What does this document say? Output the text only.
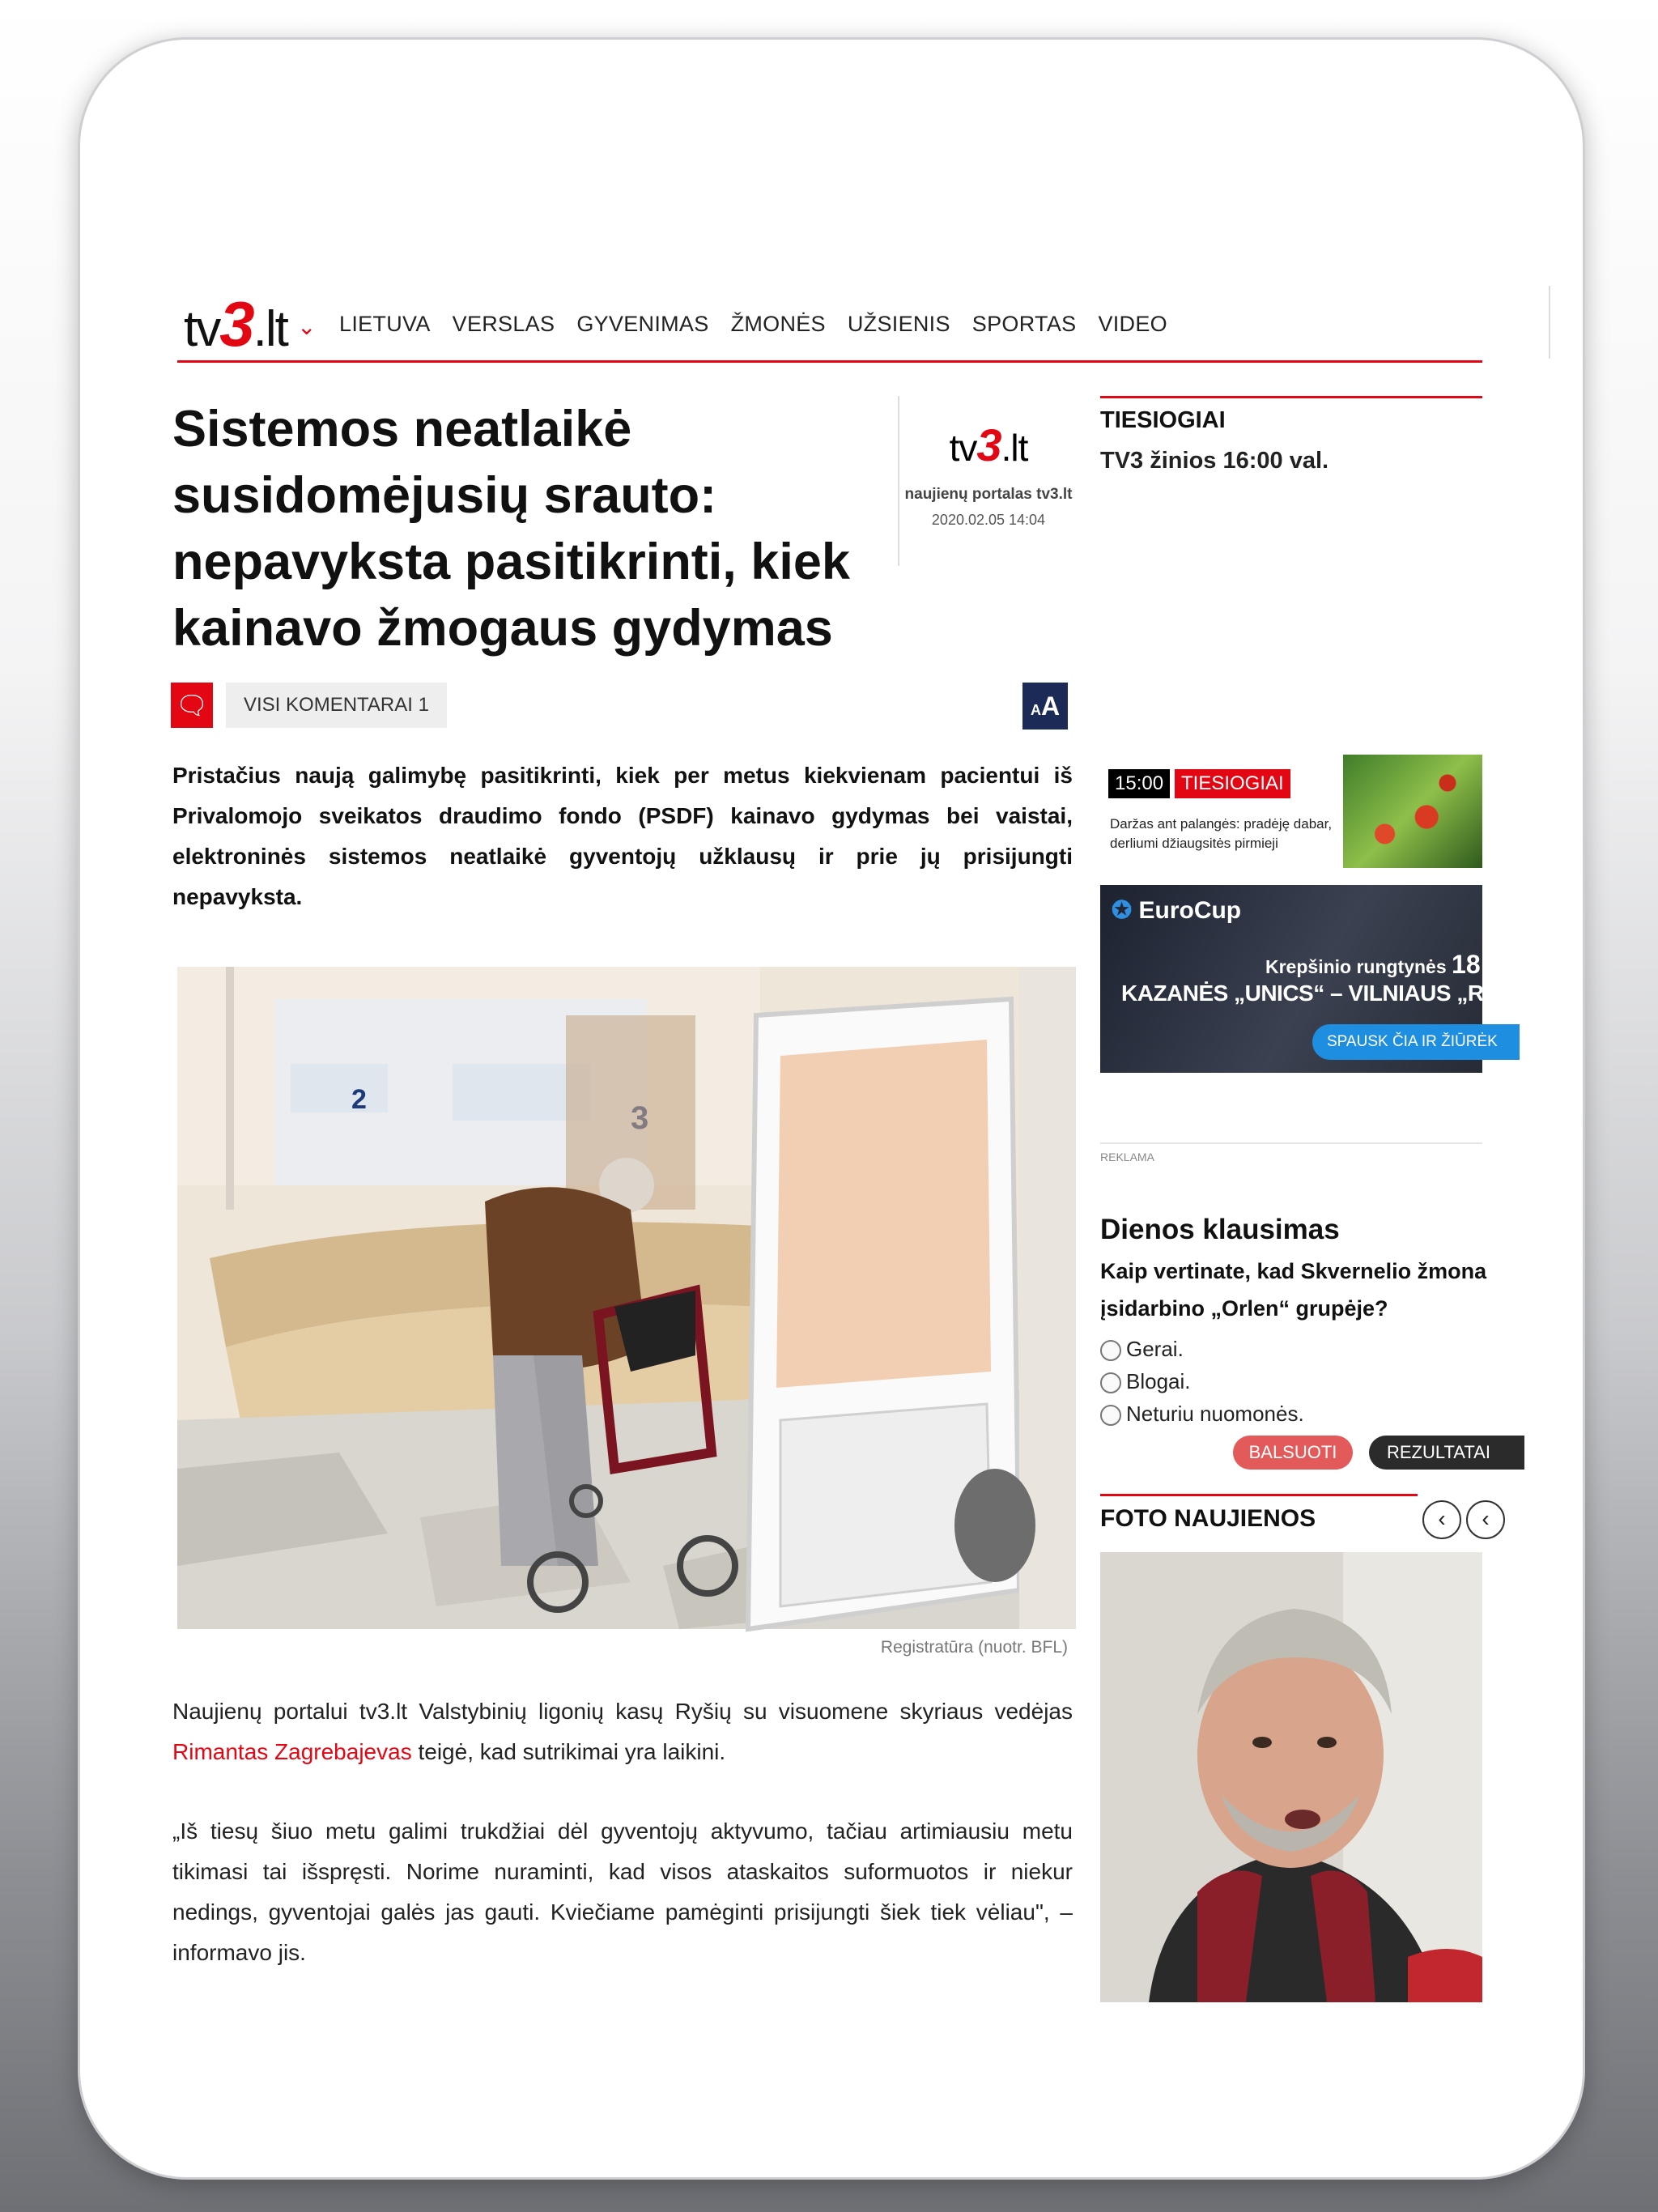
tv3.lt ⌄ LIETUVA VERSLAS GYVENIMAS ŽMONĖS UŽSIENIS SPORTAS VIDEO
Sistemos neatlaikė susidomėjusių srauto: nepavyksta pasitikrinti, kiek kainavo žmogaus gydymas
tv3.lt
naujienų portalas tv3.lt
2020.02.05 14:04
🗨	VISI KOMENTARAI 1	AA

Pristačius naują galimybę pasitikrinti, kiek per metus kiekvienam pacientui iš Privalomojo sveikatos draudimo fondo (PSDF) kainavo gydymas bei vaistai, elektroninės sistemos neatlaikė gyventojų užklausų ir prie jų prisijungti nepavyksta.

2
Registratūra (nuotr. BFL)

Naujienų portalui tv3.lt Valstybinių ligonių kasų Ryšių su visuomene skyriaus vedėjas Rimantas Zagrebajevas teigė, kad sutrikimai yra laikini.

„Iš tiesų šiuo metu galimi trukdžiai dėl gyventojų aktyvumo, tačiau artimiausiu metu tikimasi tai išspręsti. Norime nuraminti, kad visos ataskaitos suformuotos ir niekur nedings, gyventojai galės jas gauti. Kviečiame pamėginti prisijungti šiek tiek vėliau", – informavo jis.

TIESIOGIAI
TV3 žinios 16:00 val.
15:00 TIESIOGIAI
Daržas ant palangės: pradėję dabar, derliumi džiaugsitės pirmieji
✪ EuroCup
Krepšinio rungtynės 18:3
KAZANĖS „UNICS“ – VILNIAUS „RYTAS
SPAUSK ČIA IR ŽIŪRĖK
REKLAMA
Dienos klausimas
Kaip vertinate, kad Skvernelio žmona
įsidarbino „Orlen“ grupėje?
Gerai.
Blogai.
Neturiu nuomonės.
BALSUOTI	REZULTATAI
FOTO NAUJIENOS	‹	‹
